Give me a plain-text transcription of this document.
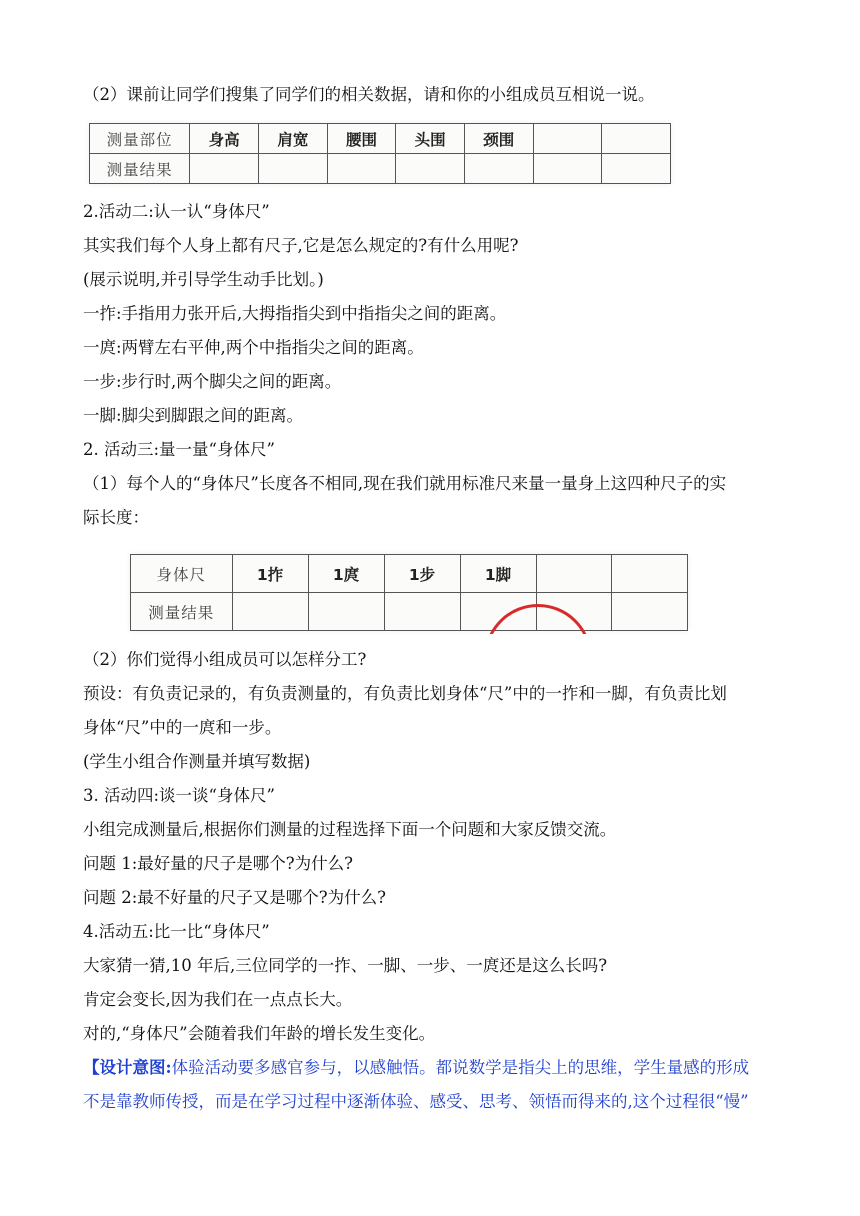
（2）课前让同学们搜集了同学们的相关数据，请和你的小组成员互相说一说。
测量部位	身高	肩宽	腰围	头围	颈围		
测量结果							
2.活动二:认一认“身体尺”
其实我们每个人身上都有尺子,它是怎么规定的?有什么用呢?
(展示说明,并引导学生动手比划。)
一拃:手指用力张开后,大拇指指尖到中指指尖之间的距离。
一庹:两臂左右平伸,两个中指指尖之间的距离。
一步:步行时,两个脚尖之间的距离。
一脚:脚尖到脚跟之间的距离。
2. 活动三:量一量“身体尺”
（1）每个人的“身体尺”长度各不相同,现在我们就用标准尺来量一量身上这四种尺子的实
际长度：
身体尺	1拃	1庹	1步	1脚		
测量结果						
（2）你们觉得小组成员可以怎样分工?
预设：有负责记录的，有负责测量的，有负责比划身体“尺”中的一拃和一脚，有负责比划
身体“尺”中的一庹和一步。
(学生小组合作测量并填写数据)
3. 活动四:谈一谈“身体尺”
小组完成测量后,根据你们测量的过程选择下面一个问题和大家反馈交流。
问题 1:最好量的尺子是哪个?为什么?
问题 2:最不好量的尺子又是哪个?为什么?
4.活动五:比一比“身体尺”
大家猜一猜,10 年后,三位同学的一拃、一脚、一步、一庹还是这么长吗?
肯定会变长,因为我们在一点点长大。
对的,“身体尺”会随着我们年龄的增长发生变化。
【设计意图:体验活动要多感官参与，以感触悟。都说数学是指尖上的思维，学生量感的形成
不是靠教师传授，而是在学习过程中逐渐体验、感受、思考、领悟而得来的,这个过程很“慢”
